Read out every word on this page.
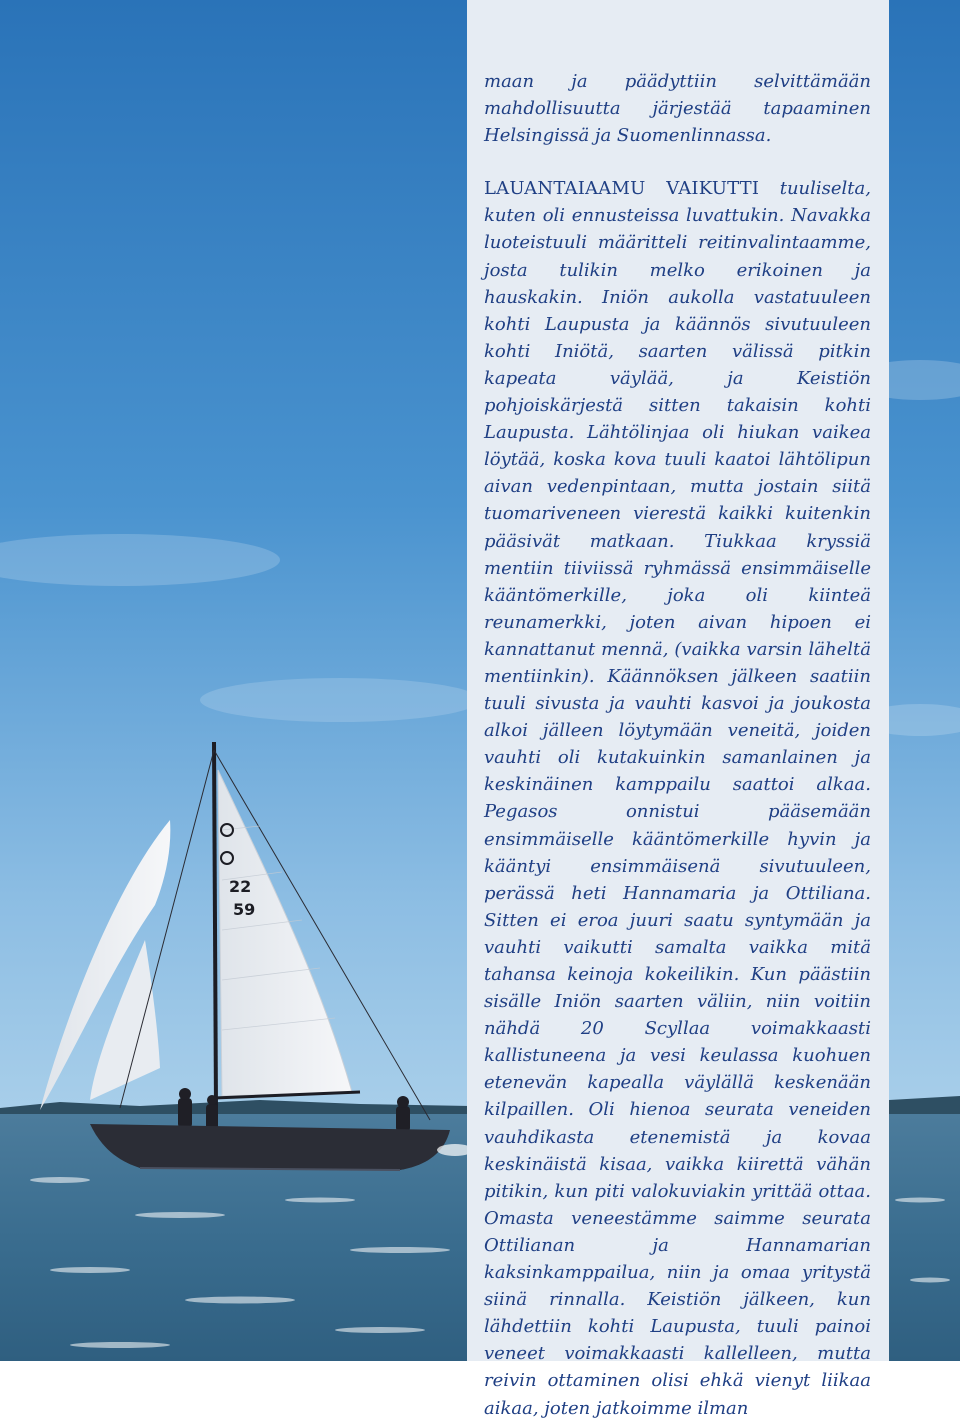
22
59

maan ja päädyttiin selvittämään mahdollisuutta järjestää tapaaminen Helsingissä ja Suomenlinnassa.

LAUANTAIAAMU VAIKUTTI tuuliselta, kuten oli ennusteissa luvattukin. Navakka luoteistuuli määritteli reitinvalintaamme, josta tulikin melko erikoinen ja hauskakin. Iniön aukolla vastatuuleen kohti Laupusta ja käännös sivutuuleen kohti Iniötä, saarten välissä pitkin kapeata väylää, ja Keistiön pohjoiskärjestä sitten takaisin kohti Laupusta. Lähtölinjaa oli hiukan vaikea löytää, koska kova tuuli kaatoi lähtölipun aivan vedenpintaan, mutta jostain siitä tuomariveneen vierestä kaikki kuitenkin pääsivät matkaan. Tiukkaa kryssiä mentiin tiiviissä ryhmässä ensimmäiselle kääntömerkille, joka oli kiinteä reunamerkki, joten aivan hipoen ei kannattanut mennä, (vaikka varsin läheltä mentiinkin). Käännöksen jälkeen saatiin tuuli sivusta ja vauhti kasvoi ja joukosta alkoi jälleen löytymään veneitä, joiden vauhti oli kutakuinkin samanlainen ja keskinäinen kamppailu saattoi alkaa. Pegasos onnistui pääsemään ensimmäiselle kääntömerkille hyvin ja kääntyi ensimmäisenä sivutuuleen, perässä heti Hannamaria ja Ottiliana. Sitten ei eroa juuri saatu syntymään ja vauhti vaikutti samalta vaikka mitä tahansa keinoja kokeilikin. Kun päästiin sisälle Iniön saarten väliin, niin voitiin nähdä 20 Scyllaa voimakkaasti kallistuneena ja vesi keulassa kuohuen etenevän kapealla väylällä keskenään kilpaillen. Oli hienoa seurata veneiden vauhdikasta etenemistä ja kovaa keskinäistä kisaa, vaikka kiirettä vähän pitikin, kun piti valokuviakin yrittää ottaa. Omasta veneestämme saimme seurata Ottilianan ja Hannamarian kaksinkamppailua, niin ja omaa yritystä siinä rinnalla. Keistiön jälkeen, kun lähdettiin kohti Laupusta, tuuli painoi veneet voimakkaasti kallelleen, mutta reivin ottaminen olisi ehkä vienyt liikaa aikaa, joten jatkoimme ilman
